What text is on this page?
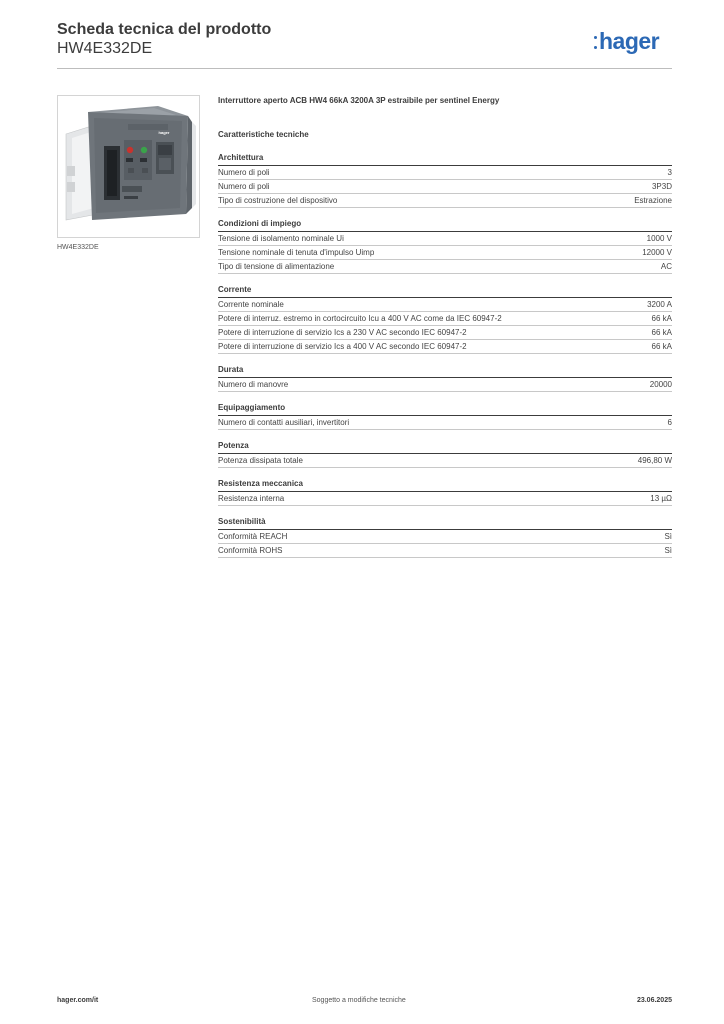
Scheda tecnica del prodotto
HW4E332DE	hager
hager
HW4E332DE
Interruttore aperto ACB HW4 66kA 3200A 3P estraibile per sentinel Energy
Caratteristiche tecniche
Architettura
Numero di poli	3
Numero di poli	3P3D
Tipo di costruzione del dispositivo	Estrazione
Condizioni di impiego
Tensione di isolamento nominale Ui	1000 V
Tensione nominale di tenuta d'impulso Uimp	12000 V
Tipo di tensione di alimentazione	AC
Corrente
Corrente nominale	3200 A
Potere di interruz. estremo in cortocircuito Icu a 400 V AC come da IEC 60947-2	66 kA
Potere di interruzione di servizio Ics a 230 V AC secondo IEC 60947-2	66 kA
Potere di interruzione di servizio Ics a 400 V AC secondo IEC 60947-2	66 kA
Durata
Numero di manovre	20000
Equipaggiamento
Numero di contatti ausiliari, invertitori	6
Potenza
Potenza dissipata totale	496,80 W
Resistenza meccanica
Resistenza interna	13 µΩ
Sostenibilità
Conformità REACH	Sì
Conformità ROHS	Sì
hager.com/it	Soggetto a modifiche tecniche	23.06.2025
